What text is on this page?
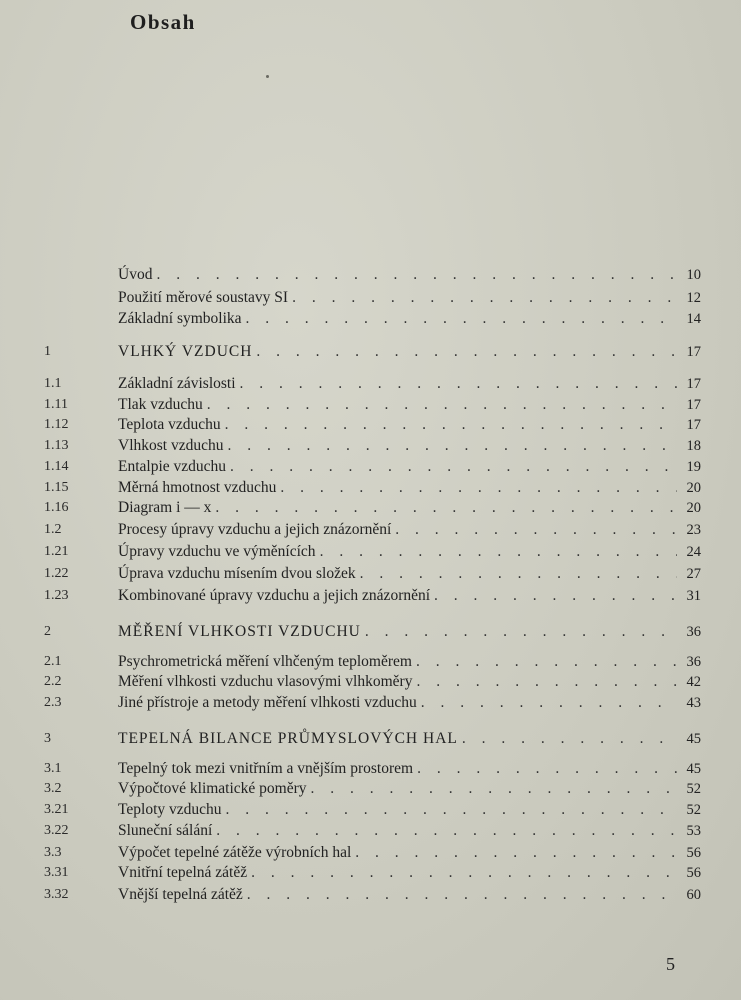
Obsah
Úvod . . .	10
Použití měrové soustavy SI . . .	12
Základní symbolika . . .	14
1	VLHKÝ VZDUCH . . .	17
1.1	Základní závislosti . . .	17
1.11	Tlak vzduchu . . .	17
1.12	Teplota vzduchu . . .	17
1.13	Vlhkost vzduchu . . .	18
1.14	Entalpie vzduchu . . .	19
1.15	Měrná hmotnost vzduchu . . .	20
1.16	Diagram i — x . . .	20
1.2	Procesy úpravy vzduchu a jejich znázornění . . .	23
1.21	Úpravy vzduchu ve výměnících . . .	24
1.22	Úprava vzduchu mísením dvou složek . . .	27
1.23	Kombinované úpravy vzduchu a jejich znázornění . . .	31
2	MĚŘENÍ VLHKOSTI VZDUCHU . . .	36
2.1	Psychrometrická měření vlhčeným teploměrem . . .	36
2.2	Měření vlhkosti vzduchu vlasovými vlhkoměry . . .	42
2.3	Jiné přístroje a metody měření vlhkosti vzduchu . . .	43
3	TEPELNÁ BILANCE PRŮMYSLOVÝCH HAL . . .	45
3.1	Tepelný tok mezi vnitřním a vnějším prostorem . . .	45
3.2	Výpočtové klimatické poměry . . .	52
3.21	Teploty vzduchu . . .	52
3.22	Sluneční sálání . . .	53
3.3	Výpočet tepelné zátěže výrobních hal . . .	56
3.31	Vnitřní tepelná zátěž . . .	56
3.32	Vnější tepelná zátěž . . .	60
5
